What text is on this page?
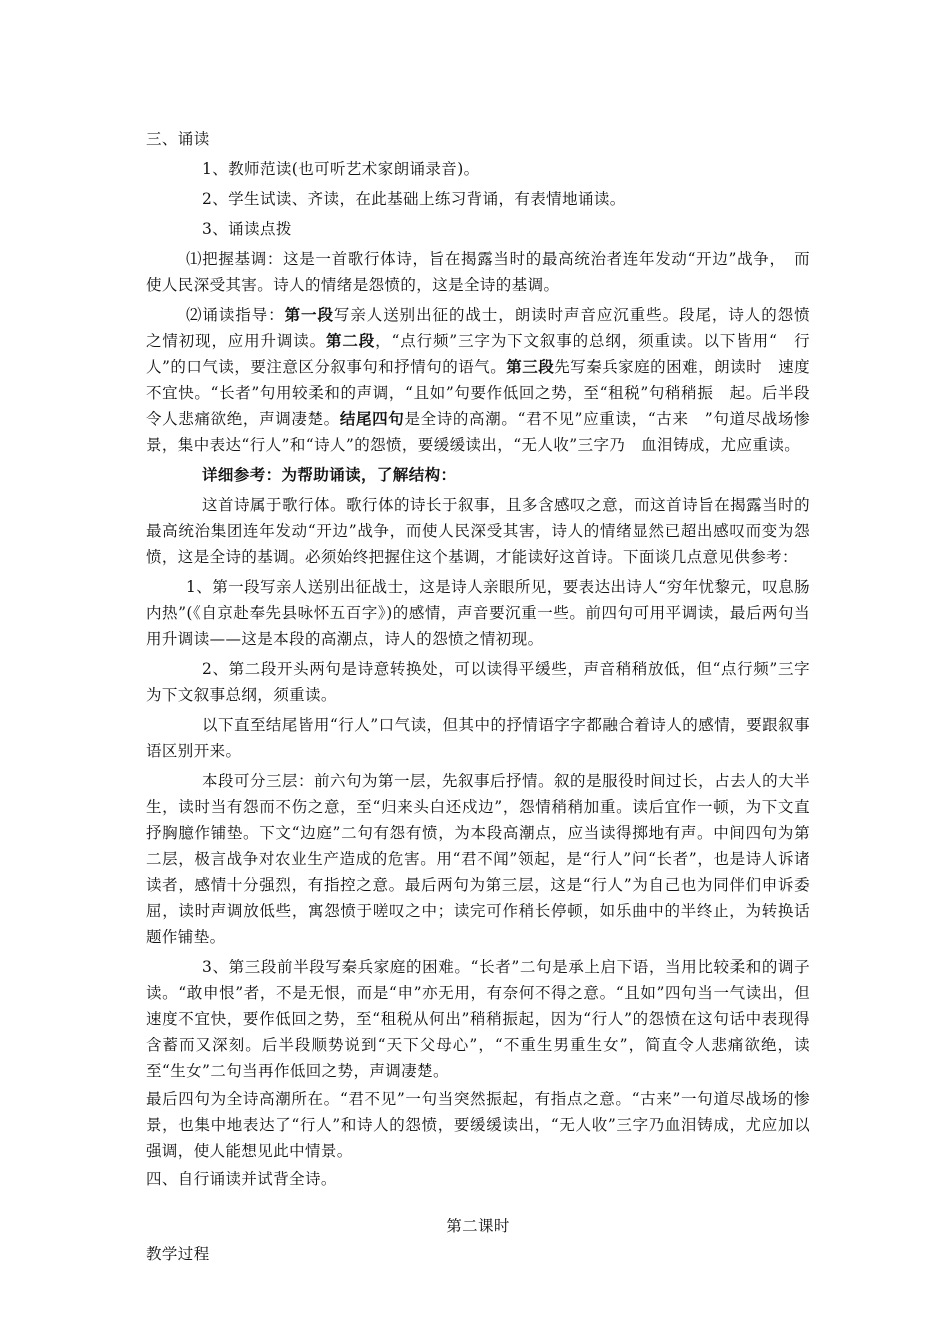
三、诵读

1、教师范读(也可听艺术家朗诵录音)。

2、学生试读、齐读，在此基础上练习背诵，有表情地诵读。

3、诵读点拨

⑴把握基调：这是一首歌行体诗，旨在揭露当时的最高统治者连年发动“开边”战争，　而使人民深受其害。诗人的情绪是怨愤的，这是全诗的基调。

⑵诵读指导：第一段写亲人送别出征的战士，朗读时声音应沉重些。段尾，诗人的怨愤　之情初现，应用升调读。第二段，“点行频”三字为下文叙事的总纲，须重读。以下皆用“　行人”的口气读，要注意区分叙事句和抒情句的语气。第三段先写秦兵家庭的困难，朗读时　速度不宜快。“长者”句用较柔和的声调，“且如”句要作低回之势，至“租税”句稍稍振　起。后半段令人悲痛欲绝，声调凄楚。结尾四句是全诗的高潮。“君不见”应重读，“古来　”句道尽战场惨景，集中表达“行人”和“诗人”的怨愤，要缓缓读出，“无人收”三字乃　血泪铸成，尤应重读。

详细参考：为帮助诵读，了解结构：

这首诗属于歌行体。歌行体的诗长于叙事，且多含感叹之意，而这首诗旨在揭露当时的最高统治集团连年发动“开边”战争，而使人民深受其害，诗人的情绪显然已超出感叹而变为怨愤，这是全诗的基调。必须始终把握住这个基调，才能读好这首诗。下面谈几点意见供参考：

1、第一段写亲人送别出征战士，这是诗人亲眼所见，要表达出诗人“穷年忧黎元，叹息肠内热”(《自京赴奉先县咏怀五百字》)的感情，声音要沉重一些。前四句可用平调读，最后两句当用升调读——这是本段的高潮点，诗人的怨愤之情初现。

2、第二段开头两句是诗意转换处，可以读得平缓些，声音稍稍放低，但“点行频”三字为下文叙事总纲，须重读。

以下直至结尾皆用“行人”口气读，但其中的抒情语字字都融合着诗人的感情，要跟叙事语区别开来。

本段可分三层：前六句为第一层，先叙事后抒情。叙的是服役时间过长，占去人的大半生，读时当有怨而不伤之意，至“归来头白还戍边”，怨情稍稍加重。读后宜作一顿，为下文直抒胸臆作铺垫。下文“边庭”二句有怨有愤，为本段高潮点，应当读得掷地有声。中间四句为第二层，极言战争对农业生产造成的危害。用“君不闻”领起，是“行人”问“长者”，也是诗人诉诸读者，感情十分强烈，有指控之意。最后两句为第三层，这是“行人”为自己也为同伴们申诉委屈，读时声调放低些，寓怨愤于嗟叹之中；读完可作稍长停顿，如乐曲中的半终止，为转换话题作铺垫。

3、第三段前半段写秦兵家庭的困难。“长者”二句是承上启下语，当用比较柔和的调子读。“敢申恨”者，不是无恨，而是“申”亦无用，有奈何不得之意。“且如”四句当一气读出，但速度不宜快，要作低回之势，至“租税从何出”稍稍振起，因为“行人”的怨愤在这句话中表现得含蓄而又深刻。后半段顺势说到“天下父母心”，“不重生男重生女”，简直令人悲痛欲绝，读至“生女”二句当再作低回之势，声调凄楚。

最后四句为全诗高潮所在。“君不见”一句当突然振起，有指点之意。“古来”一句道尽战场的惨景，也集中地表达了“行人”和诗人的怨愤，要缓缓读出，“无人收”三字乃血泪铸成，尤应加以强调，使人能想见此中情景。

四、自行诵读并试背全诗。

第二课时

教学过程
